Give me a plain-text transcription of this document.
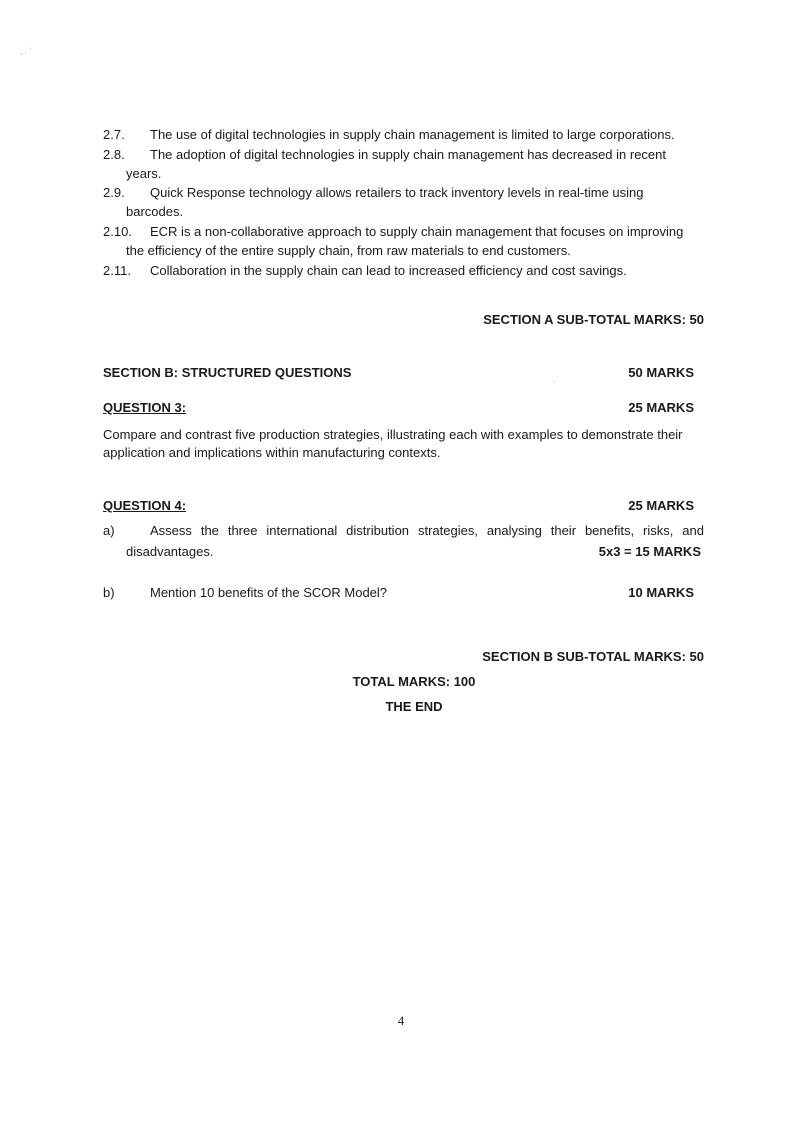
, . `
·
2.7. The use of digital technologies in supply chain management is limited to large corporations.
2.8. The adoption of digital technologies in supply chain management has decreased in recent
years.
2.9. Quick Response technology allows retailers to track inventory levels in real-time using
barcodes.
2.10. ECR is a non-collaborative approach to supply chain management that focuses on improving
the efficiency of the entire supply chain, from raw materials to end customers.
2.11. Collaboration in the supply chain can lead to increased efficiency and cost savings.
SECTION A SUB-TOTAL MARKS: 50
SECTION B: STRUCTURED QUESTIONS	50 MARKS
QUESTION 3:	25 MARKS
Compare and contrast five production strategies, illustrating each with examples to demonstrate their
application and implications within manufacturing contexts.
QUESTION 4:	25 MARKS
a)	Assess the three international distribution strategies, analysing their benefits, risks, and
disadvantages.	5x3 = 15 MARKS
b)	Mention 10 benefits of the SCOR Model?	10 MARKS
SECTION B SUB-TOTAL MARKS: 50
TOTAL MARKS: 100
THE END
4
